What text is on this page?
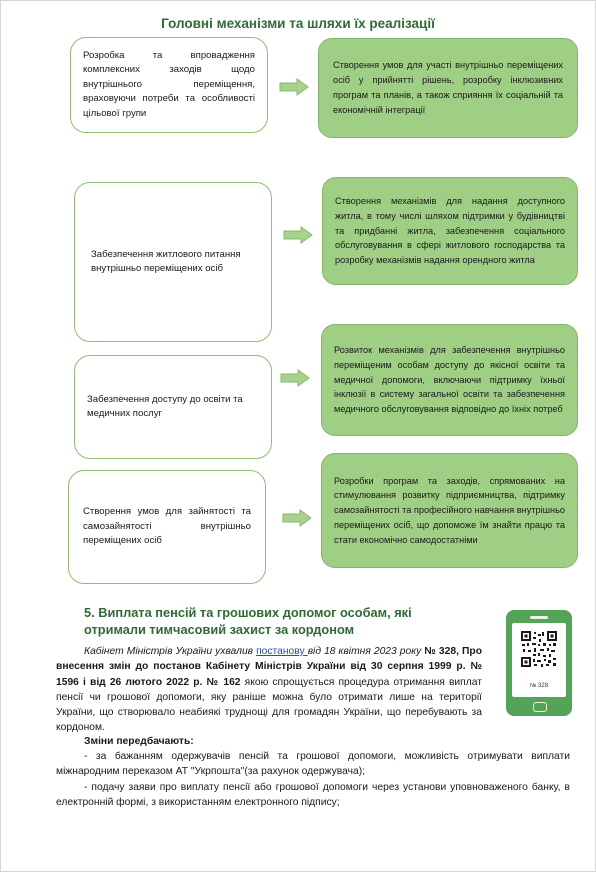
Головні механізми та шляхи їх реалізації
Розробка та впровадження комплексних заходів щодо внутрішнього переміщення, враховуючи потреби та особливості цільової групи
Створення умов для участі внутрішньо переміщених осіб у прийнятті рішень, розробку інклюзивних програм та планів, а також сприяння їх соціальній та економічній інтеграції
Забезпечення житлового питання внутрішньо переміщених осіб
Створення механізмів для надання доступного житла, в тому числі шляхом підтримки у будівництві та придбанні житла, забезпечення соціального обслуговування в сфері житлового господарства та розробку механізмів надання орендного житла
Забезпечення доступу до освіти та медичних послуг
Розвиток механізмів для забезпечення внутрішньо переміщеним особам доступу до якісної освіти та медичної допомоги, включаючи підтримку їхньої інклюзії в систему загальної освіти та забезпечення медичного обслуговування відповідно до їхніх потреб
Створення умов для зайнятості та самозайнятості внутрішньо переміщених осіб
Розробки програм та заходів, спрямованих на стимулювання розвитку підприємництва, підтримку самозайнятості та професійного навчання внутрішньо переміщених осіб, що допоможе їм знайти працю та стати економічно самодостатніми
5. Виплата пенсій та грошових допомог особам, які отримали тимчасовий захист за кордоном
Кабінет Міністрів України ухвалив постанову від 18 квітня 2023 року № 328, Про внесення змін до постанов Кабінету Міністрів України від 30 серпня 1999 р. № 1596 і від 26 лютого 2022 р. № 162 якою спрощується процедура отримання виплат пенсії чи грошової допомоги, яку раніше можна було отримати лише на території України, що створювало неабиякі труднощі для громадян України, що перебувають за кордоном.
№ 328
Зміни передбачають:
- за бажанням одержувачів пенсій та грошової допомоги, можливість отримувати виплати міжнародним переказом АТ "Укрпошта"(за рахунок одержувача);
- подачу заяви про виплату пенсії або грошової допомоги через установи уповноваженого банку, в електронній формі, з використанням електронного підпису;
